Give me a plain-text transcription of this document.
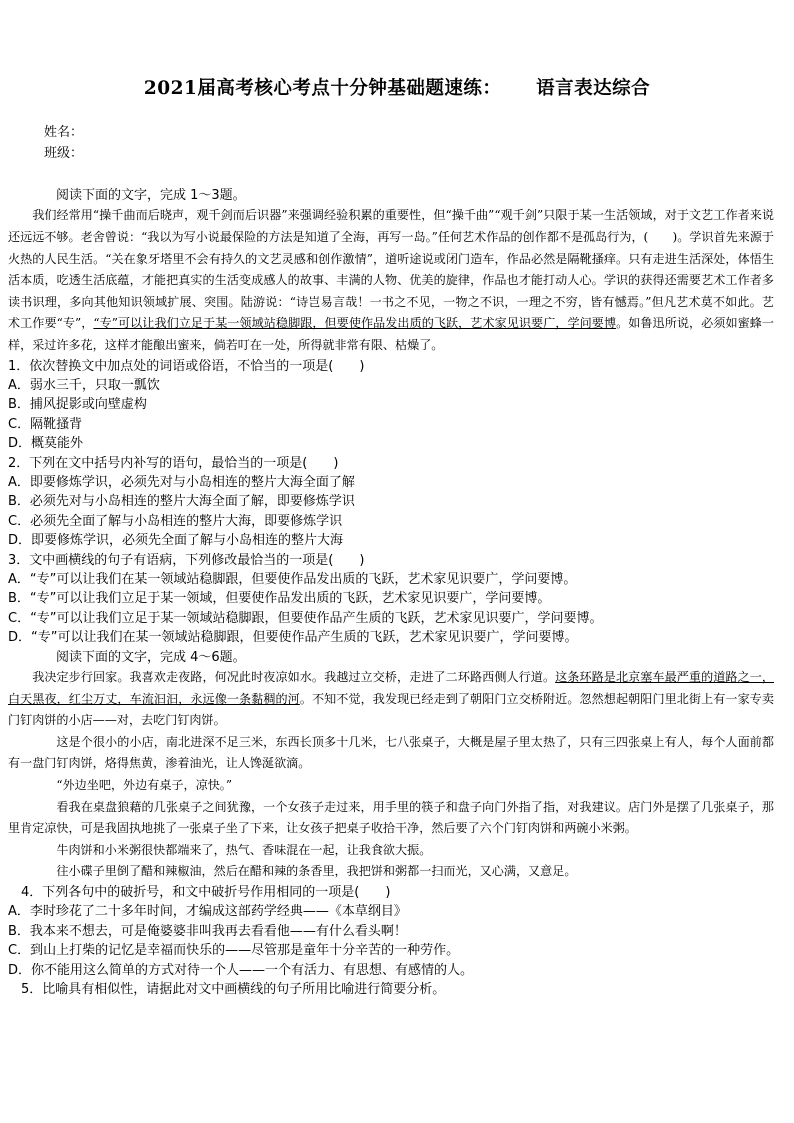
2021届高考核心考点十分钟基础题速练：     语言表达综合
姓名：
班级：

阅读下面的文字，完成 1～3题。

我们经常用“操千曲而后晓声，观千剑而后识器”来强调经验积累的重要性，但“操千曲”“观千剑”只限于某一生活领域，对于文艺工作者来说还远远不够。老舍曾说：“我以为写小说最保险的方法是知道了全海，再写一岛。”任何艺术作品的创作都不是孤岛行为，(　　)。学识首先来源于火热的人民生活。“关在象牙塔里不会有持久的文艺灵感和创作激情”，道听途说或闭门造车，作品必然是隔靴搔痒。只有走进生活深处，体悟生活本质，吃透生活底蕴，才能把真实的生活变成感人的故事、丰满的人物、优美的旋律，作品也才能打动人心。学识的获得还需要艺术工作者多读书识理，多向其他知识领域扩展、突围。陆游说：“诗岂易言哉！一书之不见，一物之不识，一理之不穷，皆有憾焉。”但凡艺术莫不如此。艺术工作要“专”，“专”可以让我们立足于某一领域站稳脚跟，但要使作品发出质的飞跃，艺术家见识要广，学问要博。如鲁迅所说，必须如蜜蜂一样，采过许多花，这样才能酿出蜜来，倘若叮在一处，所得就非常有限、枯燥了。

1．依次替换文中加点处的词语或俗语，不恰当的一项是(　　)

A．弱水三千，只取一瓢饮

B．捕风捉影或向壁虚构

C．隔靴搔背

D．概莫能外

2．下列在文中括号内补写的语句，最恰当的一项是(　　)

A．即要修炼学识，必须先对与小岛相连的整片大海全面了解

B．必须先对与小岛相连的整片大海全面了解，即要修炼学识

C．必须先全面了解与小岛相连的整片大海，即要修炼学识

D．即要修炼学识，必须先全面了解与小岛相连的整片大海

3．文中画横线的句子有语病，下列修改最恰当的一项是(　　)

A．“专”可以让我们在某一领域站稳脚跟，但要使作品发出质的飞跃，艺术家见识要广，学问要博。

B．“专”可以让我们立足于某一领域，但要使作品发出质的飞跃，艺术家见识要广，学问要博。

C．“专”可以让我们立足于某一领域站稳脚跟，但要使作品产生质的飞跃，艺术家见识要广，学问要博。

D．“专”可以让我们在某一领域站稳脚跟，但要使作品产生质的飞跃，艺术家见识要广，学问要博。

阅读下面的文字，完成 4～6题。

我决定步行回家。我喜欢走夜路，何况此时夜凉如水。我越过立交桥，走进了二环路西侧人行道。这条环路是北京塞车最严重的道路之一，白天黑夜，红尘万丈，车流汩汩，永远像一条黏稠的河。不知不觉，我发现已经走到了朝阳门立交桥附近。忽然想起朝阳门里北街上有一家专卖门钉肉饼的小店——对，去吃门钉肉饼。

这是个很小的小店，南北进深不足三米，东西长顶多十几米，七八张桌子，大概是屋子里太热了，只有三四张桌上有人，每个人面前都有一盘门钉肉饼，烙得焦黄，渗着油光，让人馋涎欲滴。

“外边坐吧，外边有桌子，凉快。”

看我在桌盘狼藉的几张桌子之间犹豫，一个女孩子走过来，用手里的筷子和盘子向门外指了指，对我建议。店门外是摆了几张桌子，那里肯定凉快，可是我固执地挑了一张桌子坐了下来，让女孩子把桌子收拾干净，然后要了六个门钉肉饼和两碗小米粥。

牛肉饼和小米粥很快都端来了，热气、香味混在一起，让我食欲大振。

往小碟子里倒了醋和辣椒油，然后在醋和辣的条香里，我把饼和粥都一扫而光，又心满，又意足。

4．下列各句中的破折号，和文中破折号作用相同的一项是(　　)

A．李时珍花了二十多年时间，才编成这部药学经典——《本草纲目》

B．我本来不想去，可是俺婆婆非叫我再去看看他——有什么看头啊！

C．到山上打柴的记忆是幸福而快乐的——尽管那是童年十分辛苦的一种劳作。

D．你不能用这么简单的方式对待一个人——一个有活力、有思想、有感情的人。

5．比喻具有相似性，请据此对文中画横线的句子所用比喻进行简要分析。
